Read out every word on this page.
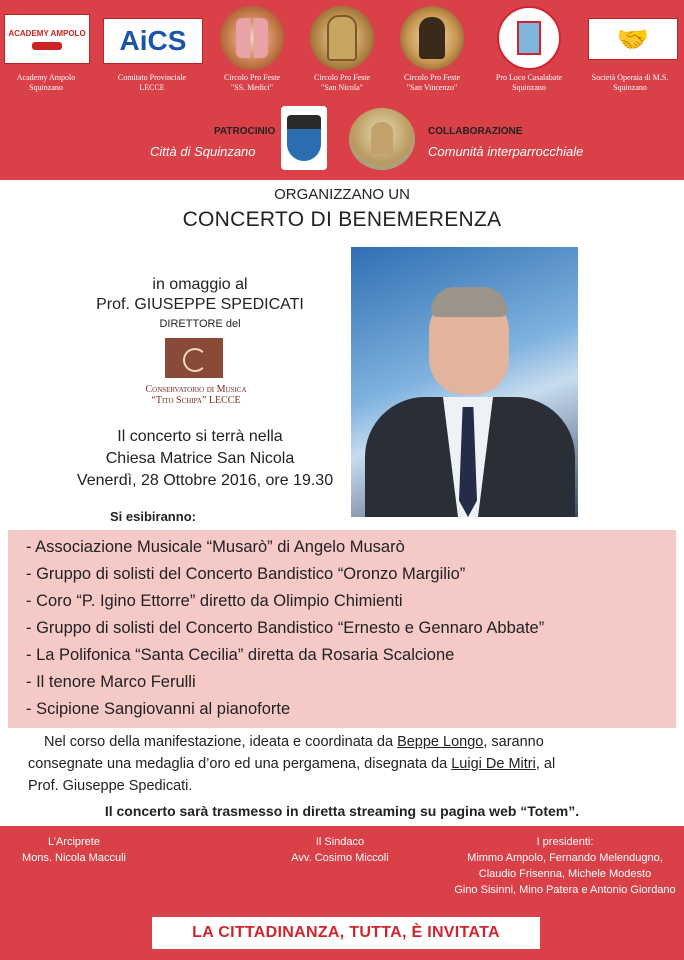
ACADEMY AMPOLO AiCS	🤝
Academy Ampolo
Squinzano
Comitato Provinciale
LECCE
Circolo Pro Feste
"SS. Medici"
Circolo Pro Feste
"San Nicola"
Circolo Pro Feste
"San Vincenzo"
Pro Loco Casalabate
Squinzano
Società Operaia di M.S.
Squinzano
PATROCINIO
Città di Squinzano
COLLABORAZIONE
Comunità interparrocchiale
ORGANIZZANO UN
CONCERTO DI BENEMERENZA
in omaggio al
Prof. GIUSEPPE SPEDICATI
DIRETTORE del
Conservatorio di Musica
“Tito Schipa” LECCE
Il concerto si terrà nella
Chiesa Matrice San Nicola
Venerdì, 28 Ottobre 2016, ore 19.30
Si esibiranno:
- Associazione Musicale “Musarò” di Angelo Musarò
- Gruppo di solisti del Concerto Bandistico “Oronzo Margilio”
- Coro “P. Igino Ettorre” diretto da Olimpio Chimienti
- Gruppo di solisti del Concerto Bandistico “Ernesto e Gennaro Abbate”
- La Polifonica “Santa Cecilia” diretta da Rosaria Scalcione
- Il tenore Marco Ferulli
- Scipione Sangiovanni al pianoforte
Nel corso della manifestazione, ideata e coordinata da Beppe Longo, saranno
consegnate una medaglia d’oro ed una pergamena, disegnata da Luigi De Mitri, al
Prof. Giuseppe Spedicati.
Il concerto sarà trasmesso in diretta streaming su pagina web “Totem”.
L’Arciprete
Mons. Nicola Macculi
Il Sindaco
Avv. Cosimo Miccoli
I presidenti:
Mimmo Ampolo, Fernando Melendugno,
Claudio Frisenna, Michele Modesto
Gino Sisinni, Mino Patera e Antonio Giordano
LA CITTADINANZA, TUTTA, È INVITATA
